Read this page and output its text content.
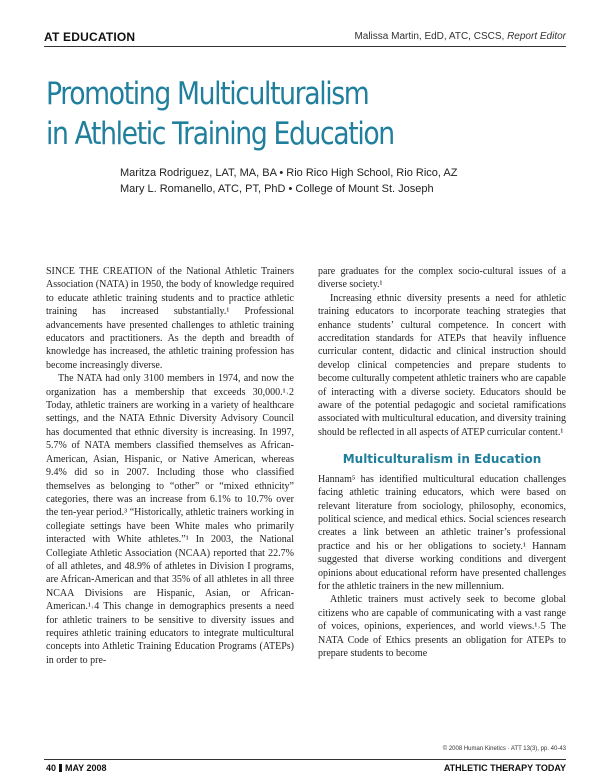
AT EDUCATION	Malissa Martin, EdD, ATC, CSCS, Report Editor
Promoting Multiculturalism
in Athletic Training Education
Maritza Rodriguez, LAT, MA, BA • Rio Rico High School, Rio Rico, AZ
Mary L. Romanello, ATC, PT, PhD • College of Mount St. Joseph

SINCE THE CREATION of the National Athletic Trainers Association (NATA) in 1950, the body of knowledge required to educate athletic training students and to practice athletic training has increased substantially.¹ Professional advancements have presented challenges to athletic training educators and practitioners. As the depth and breadth of knowledge has increased, the athletic training profession has become increasingly diverse.

The NATA had only 3100 members in 1974, and now the organization has a membership that exceeds 30,000.¹˒2 Today, athletic trainers are working in a variety of healthcare settings, and the NATA Ethnic Diversity Advisory Council has documented that ethnic diversity is increasing. In 1997, 5.7% of NATA members classified themselves as African-American, Asian, Hispanic, or Native American, whereas 9.4% did so in 2007. Including those who classified themselves as belonging to “other” or “mixed ethnicity” categories, there was an increase from 6.1% to 10.7% over the ten-year period.³ “Historically, athletic trainers working in collegiate settings have been White males who primarily interacted with White athletes.”¹ In 2003, the National Collegiate Athletic Association (NCAA) reported that 22.7% of all athletes, and 48.9% of athletes in Division I programs, are African-American and that 35% of all athletes in all three NCAA Divisions are Hispanic, Asian, or African-American.¹˒4 This change in demographics presents a need for athletic trainers to be sensitive to diversity issues and requires athletic training educators to integrate multicultural concepts into Athletic Training Education Programs (ATEPs) in order to pre-

pare graduates for the complex socio-cultural issues of a diverse society.¹

Increasing ethnic diversity presents a need for athletic training educators to incorporate teaching strategies that enhance students’ cultural competence. In concert with accreditation standards for ATEPs that heavily influence curricular content, didactic and clinical instruction should develop clinical competencies and prepare students to become culturally competent athletic trainers who are capable of interacting with a diverse society. Educators should be aware of the potential pedagogic and societal ramifications associated with multicultural education, and diversity training should be reflected in all aspects of ATEP curricular content.¹

Multiculturalism in Education

Hannam⁵ has identified multicultural education challenges facing athletic training educators, which were based on relevant literature from sociology, philosophy, economics, political science, and medical ethics. Social sciences research creates a link between an athletic trainer’s professional practice and his or her obligations to society.¹ Hannam suggested that diverse working conditions and divergent opinions about educational reform have presented challenges for the athletic trainers in the new millennium.

Athletic trainers must actively seek to become global citizens who are capable of communicating with a vast range of voices, opinions, experiences, and world views.¹˒5 The NATA Code of Ethics presents an obligation for ATEPs to prepare students to become

© 2008 Human Kinetics · ATT 13(3), pp. 40-43
40 MAY 2008	ATHLETIC THERAPY TODAY
